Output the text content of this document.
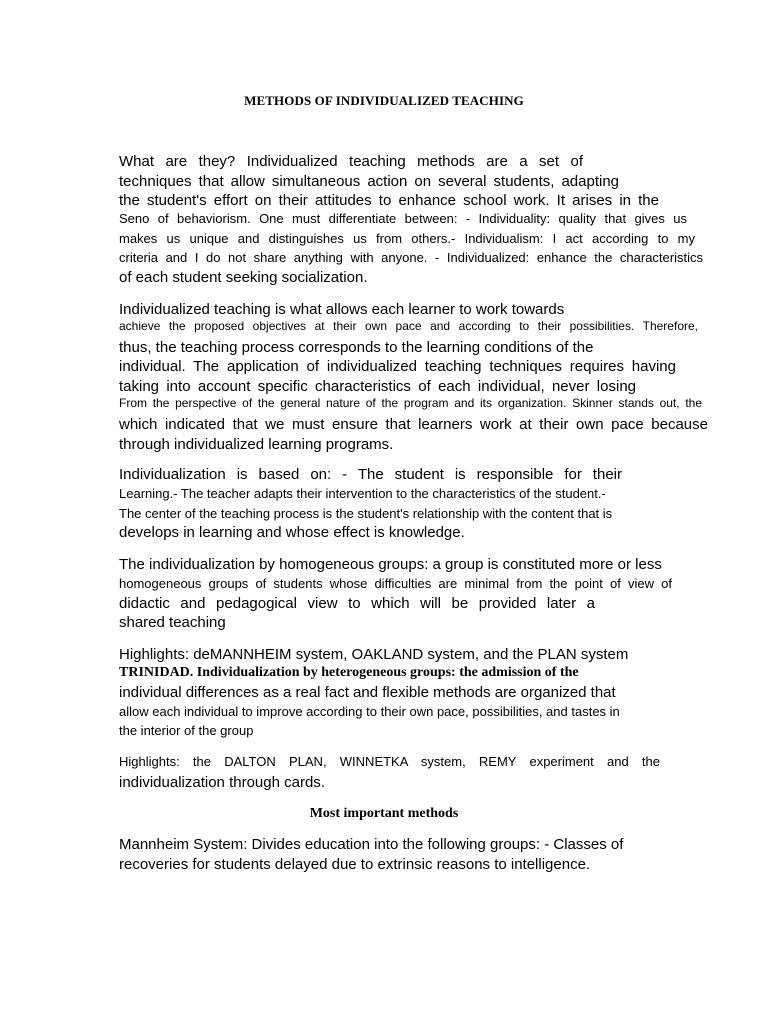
METHODS OF INDIVIDUALIZED TEACHING
What are they? Individualized teaching methods are a set of
techniques that allow simultaneous action on several students, adapting
the student's effort on their attitudes to enhance school work. It arises in the
Seno of behaviorism. One must differentiate between: - Individuality: quality that gives us
makes us unique and distinguishes us from others.- Individualism: I act according to my
criteria and I do not share anything with anyone. - Individualized: enhance the characteristics
of each student seeking socialization.
Individualized teaching is what allows each learner to work towards
achieve the proposed objectives at their own pace and according to their possibilities. Therefore,
thus, the teaching process corresponds to the learning conditions of the
individual. The application of individualized teaching techniques requires having
taking into account specific characteristics of each individual, never losing
From the perspective of the general nature of the program and its organization. Skinner stands out, the
which indicated that we must ensure that learners work at their own pace because
through individualized learning programs.
Individualization is based on: - The student is responsible for their
Learning.- The teacher adapts their intervention to the characteristics of the student.-
The center of the teaching process is the student's relationship with the content that is
develops in learning and whose effect is knowledge.
The individualization by homogeneous groups: a group is constituted more or less
homogeneous groups of students whose difficulties are minimal from the point of view of
didactic and pedagogical view to which will be provided later a
shared teaching
Highlights: deMANNHEIM system, OAKLAND system, and the PLAN system
TRINIDAD. Individualization by heterogeneous groups: the admission of the
individual differences as a real fact and flexible methods are organized that
allow each individual to improve according to their own pace, possibilities, and tastes in
the interior of the group
Highlights: the DALTON PLAN, WINNETKA system, REMY experiment and the
individualization through cards.
Most important methods
Mannheim System: Divides education into the following groups: - Classes of
recoveries for students delayed due to extrinsic reasons to intelligence.
